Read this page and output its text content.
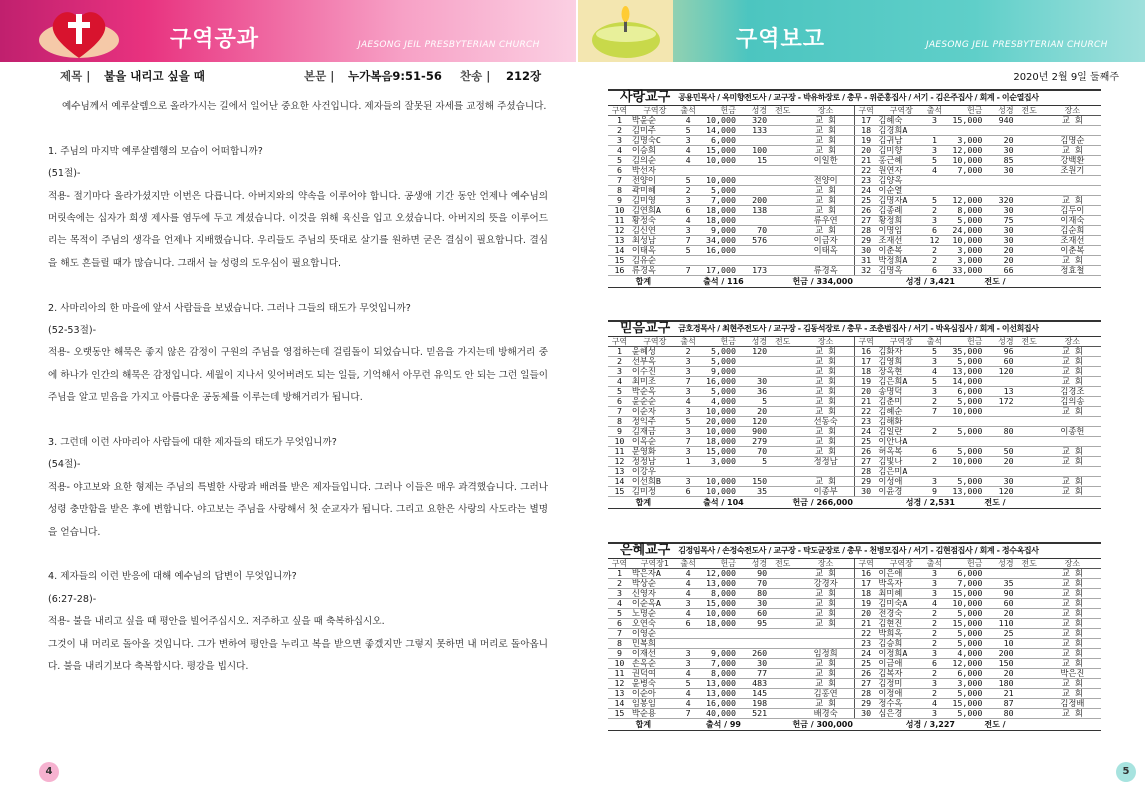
구역공과	JAESONG JEIL PRESBYTERIAN CHURCH	구역보고	JAESONG JEIL PRESBYTERIAN CHURCH
제목 | 불을 내리고 싶을 때	본문 | 누가복음9:51-56 찬송 | 212장

예수님께서 예루살렘으로 올라가시는 길에서 일어난 중요한 사건입니다. 제자들의 잘못된 자세를 교정해 주셨습니다.

1. 주님의 마지막 예루살렘행의 모습이 어떠합니까?

(51절)-

적용- 절기마다 올라가셨지만 이번은 다릅니다. 아버지와의 약속을 이루어야 합니다. 공생애 기간 동안 언제나 예수님의 머릿속에는 십자가 희생 제사를 염두에 두고 계셨습니다. 이것을 위해 육신을 입고 오셨습니다. 아버지의 뜻을 이루어드리는 목적이 주님의 생각을 언제나 지배했습니다. 우리들도 주님의 뜻대로 살기를 원하면 굳은 결심이 필요합니다. 결심을 해도 흔들릴 때가 많습니다. 그래서 늘 성령의 도우심이 필요합니다.

2. 사마리아의 한 마을에 앞서 사람들을 보냈습니다. 그러나 그들의 태도가 무엇입니까?

(52-53절)-

적용- 오랫동안 해묵은 좋지 않은 감정이 구원의 주님을 영접하는데 걸림돌이 되었습니다. 믿음을 가지는데 방해거리 중에 하나가 인간의 해묵은 감정입니다. 세월이 지나서 잊어버려도 되는 일들, 기억해서 아무런 유익도 안 되는 그런 일들이 주님을 알고 믿음을 가지고 아름다운 공동체를 이루는데 방해거리가 됩니다.

3. 그런데 이런 사마리아 사람들에 대한 제자들의 태도가 무엇입니까?

(54절)-

적용- 야고보와 요한 형제는 주님의 특별한 사랑과 배려를 받은 제자들입니다. 그러나 이들은 매우 과격했습니다. 그러나 성령 충만함을 받은 후에 변합니다. 야고보는 주님을 사랑해서 첫 순교자가 됩니다. 그리고 요한은 사랑의 사도라는 별명을 얻습니다.

4. 제자들의 이런 반응에 대해 예수님의 답변이 무엇입니까?

(6:27-28)-

적용- 불을 내리고 싶을 때 평안을 빌어주십시오. 저주하고 싶을 때 축복하십시오.

그것이 내 머리로 돌아올 것입니다. 그가 변하여 평안을 누리고 복을 받으면 좋겠지만 그렇지 못하면 내 머리로 돌아옵니다. 불을 내리기보다 축복합시다. 평강을 빕시다.

2020년 2월 9일 둘째주
사랑교구 공용민목사 / 옥미향전도사 / 교구장 - 박유하장로 / 총무 - 위준홍집사 / 서기 - 김은주집사 / 회계 - 이순열집사
구역	구역장	출석	헌금	성경	전도	장소	구역	구역장	출석	헌금	성경	전도	장소
1	박윤순	4	10,000	320		교 회	17	김혜숙	3	15,000	940		교 회
2	김미주	5	14,000	133		교 회	18	김경희A					
3	김명숙C	3	6,000			교 회	19	김귀남	1	3,000	20		김명순
4	이승희	4	15,000	100		교 회	20	김미향	3	12,000	30		교 회
5	김의순	4	10,000	15		이일한	21	홍근혜	5	10,000	85		강백환
6	박선자						22	원연자	4	7,000	30		조원기
7	전양이	5	10,000			전양이	23	김양옥					
8	곽미혜	2	5,000			교 회	24	이순열					
9	김미영	3	7,000	200		교 회	25	김명자A	5	12,000	320		교 회
10	김연희A	6	18,000	138		교 회	26	김종례	2	8,000	30		김두이
11	황정숙	4	18,000			류우연	27	황정희	3	5,000	75		이재숙
12	김신연	3	9,000	70		교 회	28	이명임	6	24,000	30		김순희
13	최성남	7	34,000	576		이금자	29	조재선	12	10,000	30		조재선
14	이태옥	5	16,000			이태옥	30	이춘복	2	3,000	20		이춘복
15	김유순						31	박정희A	2	3,000	20		교 회
16	류경옥	7	17,000	173		류경옥	32	김명옥	6	33,000	66		정효철
합계		출석 / 116			헌금 / 334,000			성경 / 3,421			전도 /		
믿음교구 금호경목사 / 최현주전도사 / 교구장 - 김동석장로 / 총무 - 조춘범집사 / 서기 - 박옥심집사 / 회계 - 이선희집사
구역	구역장	출석	헌금	성경	전도	장소	구역	구역장	출석	헌금	성경	전도	장소
1	윤혜성	2	5,000	120		교 회	16	김화자	5	35,000	96		교 회
2	선부옥	3	5,000			교 회	17	김영희	3	5,000	60		교 회
3	이수진	3	9,000			교 회	18	장옥현	4	13,000	120		교 회
4	최미조	7	16,000	30		교 회	19	김은희A	5	14,000			교 회
5	박순옥	3	5,000	36		교 회	20	송명덕	3	6,000	13		김경조
6	윤순순	4	4,000	5		교 회	21	김춘미	2	5,000	172		김의송
7	이순자	3	10,000	20		교 회	22	김혜순	7	10,000			교 회
8	정익주	5	20,000	120		선동숙	23	김해화					
9	김재금	3	10,000	900		교 회	24	김일란	2	5,000	80		이종헌
10	이옥순	7	18,000	279		교 회	25	이안나A					
11	문영화	3	15,000	70		교 회	26	허옥복	6	5,000	50		교 회
12	정정남	1	3,000	5		정정남	27	김빛나	2	10,000	20		교 회
13	이강우						28	김은미A					
14	이선희B	3	10,000	150		교 회	29	이성애	3	5,000	30		교 회
15	김미정	6	10,000	35		이종부	30	이윤경	9	13,000	120		교 회
합계		출석 / 104			헌금 / 266,000			성경 / 2,531			전도 /		
은혜교구 김정임목사 / 손정숙전도사 / 교구장 - 탁도균장로 / 총무 - 천병모집사 / 서기 - 김현점집사 / 회계 - 정수옥집사
구역	구역장1	출석	헌금	성경	전도	장소	구역	구역장	출석	헌금	성경	전도	장소
1	박은자A	4	12,000	90		교 회	16	이은애	3	6,000			교 회
2	박상순	4	13,000	70		강경자	17	박옥자	3	7,000	35		교 회
3	신영자	4	8,000	80		교 회	18	최미혜	3	15,000	90		교 회
4	이순옥A	3	15,000	30		교 회	19	김미숙A	4	10,000	60		교 회
5	노명순	4	10,000	60		교 회	20	전경숙	2	5,000	20		교 회
6	오연숙	6	18,000	95		교 회	21	김현진	2	15,000	110		교 회
7	이영순						22	박희옥	2	5,000	25		교 회
8	민복희						23	김승희	2	5,000	10		교 회
9	이재선	3	9,000	260		임정희	24	이정희A	3	4,000	200		교 회
10	손옥순	3	7,000	30		교 회	25	이금애	6	12,000	150		교 회
11	권덕여	4	8,000	77		교 회	26	김복자	2	6,000	20		박은진
12	윤병숙	5	13,000	483		교 회	27	김정미	3	3,000	180		교 회
13	이순아	4	13,000	145		김홍연	28	이정애	2	5,000	21		교 회
14	임봉임	4	16,000	198		교 회	29	정수옥	4	15,000	87		김정배
15	박순용	7	40,000	521		배경숙	30	심은경	3	5,000	80		교 회
합계		출석 / 99			헌금 / 300,000			성경 / 3,227			전도 /		
4	5
